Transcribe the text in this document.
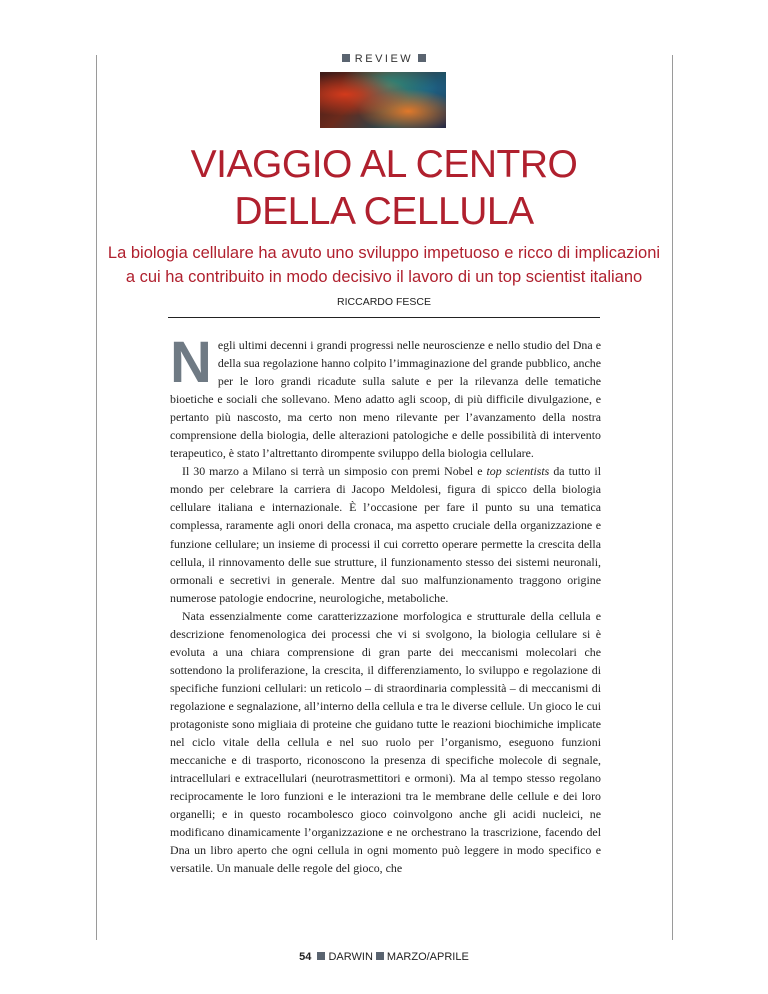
REVIEW
VIAGGIO AL CENTRO
DELLA CELLULA
La biologia cellulare ha avuto uno sviluppo impetuoso e ricco di implicazioni
a cui ha contribuito in modo decisivo il lavoro di un top scientist italiano
RICCARDO FESCE

Negli ultimi decenni i grandi progressi nelle neuroscienze e nello studio del Dna e della sua regolazione hanno colpito l’immaginazione del grande pubblico, anche per le loro grandi ricadute sulla salute e per la rilevanza delle tematiche bioetiche e sociali che sollevano. Meno adatto agli scoop, di più difficile divulgazione, e pertanto più nascosto, ma certo non meno rilevante per l’avanzamento della nostra comprensione della biologia, delle alterazioni patologiche e delle possibilità di intervento terapeutico, è stato l’altrettanto dirompente sviluppo della biologia cellulare.

Il 30 marzo a Milano si terrà un simposio con premi Nobel e top scientists da tutto il mondo per celebrare la carriera di Jacopo Meldolesi, figura di spicco della biologia cellulare italiana e internazionale. È l’occasione per fare il punto su una tematica complessa, raramente agli onori della cronaca, ma aspetto cruciale della organizzazione e funzione cellulare; un insieme di processi il cui corretto operare permette la crescita della cellula, il rinnovamento delle sue strutture, il funzionamento stesso dei sistemi neuronali, ormonali e secretivi in generale. Mentre dal suo malfunzionamento traggono origine numerose patologie endocrine, neurologiche, metaboliche.

Nata essenzialmente come caratterizzazione morfologica e strutturale della cellula e descrizione fenomenologica dei processi che vi si svolgono, la biologia cellulare si è evoluta a una chiara comprensione di gran parte dei meccanismi molecolari che sottendono la proliferazione, la crescita, il differenziamento, lo sviluppo e regolazione di specifiche funzioni cellulari: un reticolo – di straordinaria complessità – di meccanismi di regolazione e segnalazione, all’interno della cellula e tra le diverse cellule. Un gioco le cui protagoniste sono migliaia di proteine che guidano tutte le reazioni biochimiche implicate nel ciclo vitale della cellula e nel suo ruolo per l’organismo, eseguono funzioni meccaniche e di trasporto, riconoscono la presenza di specifiche molecole di segnale, intracellulari e extracellulari (neurotrasmettitori e ormoni). Ma al tempo stesso regolano reciprocamente le loro funzioni e le interazioni tra le membrane delle cellule e dei loro organelli; e in questo rocambolesco gioco coinvolgono anche gli acidi nucleici, ne modificano dinamicamente l’organizzazione e ne orchestrano la trascrizione, facendo del Dna un libro aperto che ogni cellula in ogni momento può leggere in modo specifico e versatile. Un manuale delle regole del gioco, che

54 DARWIN MARZO/APRILE
